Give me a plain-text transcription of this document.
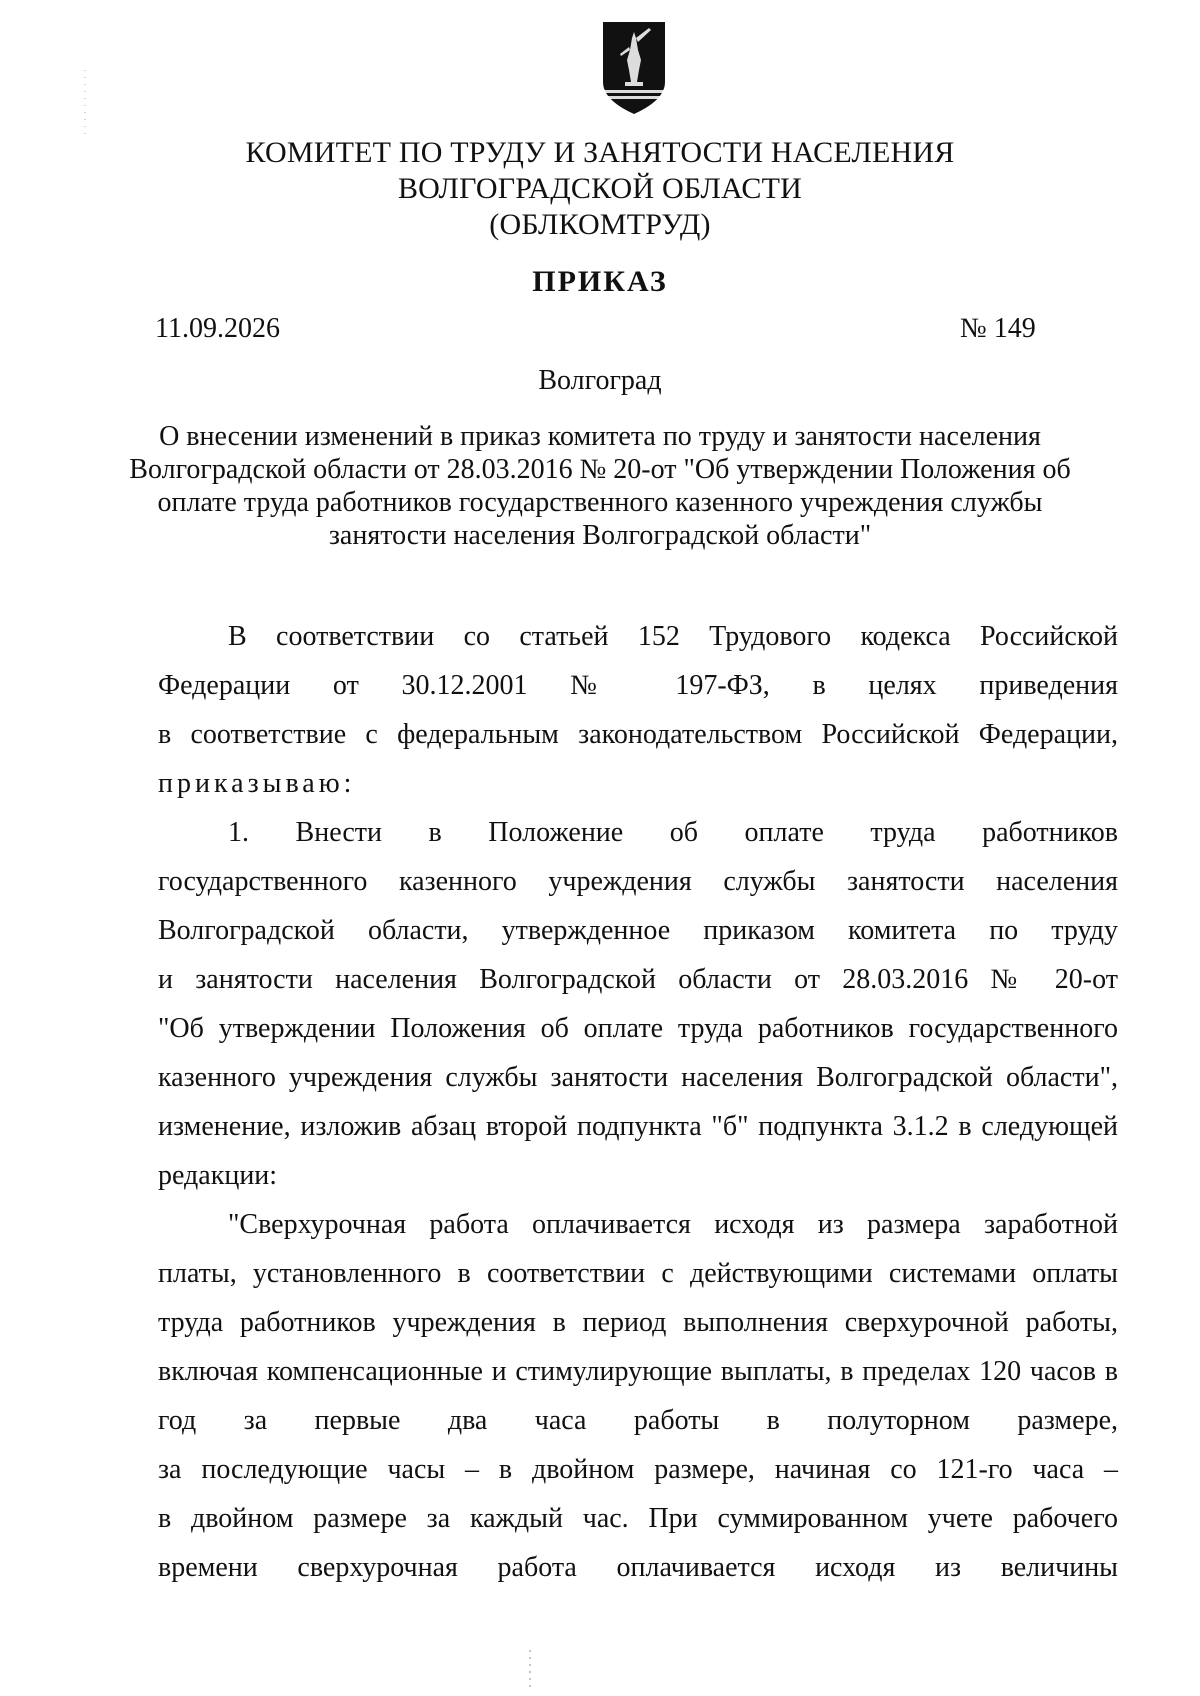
КОМИТЕТ ПО ТРУДУ И ЗАНЯТОСТИ НАСЕЛЕНИЯ
ВОЛГОГРАДСКОЙ ОБЛАСТИ
(ОБЛКОМТРУД)
ПРИКАЗ
11.09.2026	№ 149
Волгоград
О внесении изменений в приказ комитета по труду и занятости населения
Волгоградской области от 28.03.2016 № 20-от "Об утверждении Положения об
оплате труда работников государственного казенного учреждения службы
занятости населения Волгоградской области"
В соответствии со статьей 152 Трудового кодекса Российской
Федерации от 30.12.2001 № 197-ФЗ, в целях приведения
в соответствие с федеральным законодательством Российской Федерации,
приказываю:
1. Внести в Положение об оплате труда работников
государственного казенного учреждения службы занятости населения
Волгоградской области, утвержденное приказом комитета по труду
и занятости населения Волгоградской области от 28.03.2016 № 20-от
"Об утверждении Положения об оплате труда работников государственного
казенного учреждения службы занятости населения Волгоградской области",
изменение, изложив абзац второй подпункта "б" подпункта 3.1.2 в следующей
редакции:
"Сверхурочная работа оплачивается исходя из размера заработной
платы, установленного в соответствии с действующими системами оплаты
труда работников учреждения в период выполнения сверхурочной работы,
включая компенсационные и стимулирующие выплаты, в пределах 120 часов в
год за первые два часа работы в полуторном размере,
за последующие часы – в двойном размере, начиная со 121-го часа –
в двойном размере за каждый час. При суммированном учете рабочего
времени сверхурочная работа оплачивается исходя из величины
